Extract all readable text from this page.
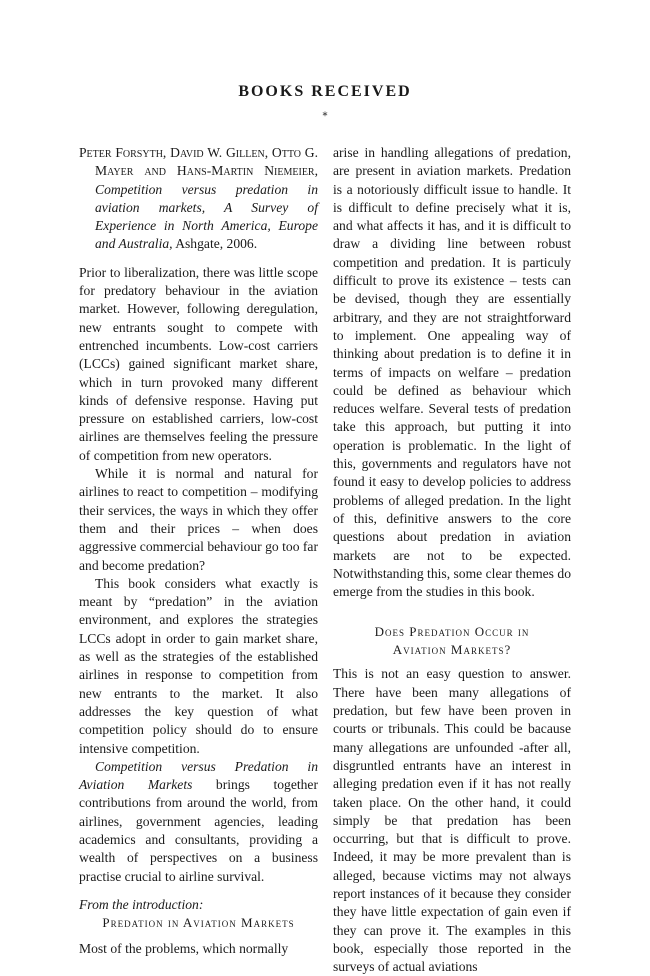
BOOKS RECEIVED
*

Peter Forsyth, David W. Gillen, Otto G. Mayer and Hans-Martin Niemeier, Competition versus predation in aviation markets, A Survey of Experience in North America, Europe and Australia, Ashgate, 2006.

Prior to liberalization, there was little scope for predatory behaviour in the aviation market. However, following deregulation, new entrants sought to compete with entrenched incumbents. Low-cost carriers (LCCs) gained significant market share, which in turn provoked many different kinds of defensive response. Having put pressure on established carriers, low-cost airlines are themselves feeling the pressure of competition from new operators.

While it is normal and natural for airlines to react to competition – modifying their services, the ways in which they offer them and their prices – when does aggressive commercial behaviour go too far and become predation?

This book considers what exactly is meant by “predation” in the aviation environment, and explores the strategies LCCs adopt in order to gain market share, as well as the strategies of the established airlines in response to competition from new entrants to the market. It also addresses the key question of what competition policy should do to ensure intensive competition.

Competition versus Predation in Aviation Markets brings together contributions from around the world, from airlines, government agencies, leading academics and consultants, providing a wealth of perspectives on a business practise crucial to airline survival.

From the introduction:

Predation in Aviation Markets

Most of the problems, which normally

arise in handling allegations of predation, are present in aviation markets. Predation is a notoriously difficult issue to handle. It is difficult to define precisely what it is, and what affects it has, and it is difficult to draw a dividing line between robust competition and predation. It is particuly difficult to prove its existence – tests can be devised, though they are essentially arbitrary, and they are not straightforward to implement. One appealing way of thinking about predation is to define it in terms of impacts on welfare – predation could be defined as behaviour which reduces welfare. Several tests of predation take this approach, but putting it into operation is problematic. In the light of this, governments and regulators have not found it easy to develop policies to address problems of alleged predation. In the light of this, definitive answers to the core questions about predation in aviation markets are not to be expected. Notwithstanding this, some clear themes do emerge from the studies in this book.

Does Predation Occur in
Aviation Markets?

This is not an easy question to answer. There have been many allegations of predation, but few have been proven in courts or tribunals. This could be bacause many allegations are unfounded -after all, disgruntled entrants have an interest in alleging predation even if it has not really taken place. On the other hand, it could simply be that predation has been occurring, but that is difficult to prove. Indeed, it may be more prevalent than is alleged, because victims may not always report instances of it because they consider they have little expectation of gain even if they can prove it. The examples in this book, especially those reported in the surveys of actual aviations
